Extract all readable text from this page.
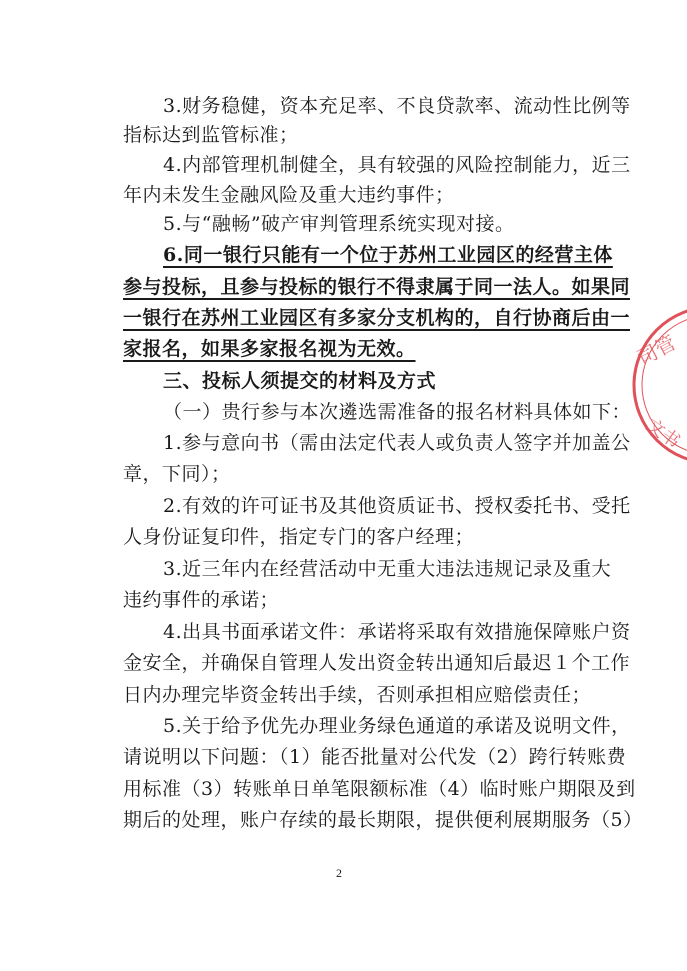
3.财务稳健，资本充足率、不良贷款率、流动性比例等
指标达到监管标准；
4.内部管理机制健全，具有较强的风险控制能力，近三
年内未发生金融风险及重大违约事件；
5.与“融畅”破产审判管理系统实现对接。
6.同一银行只能有一个位于苏州工业园区的经营主体
参与投标，且参与投标的银行不得隶属于同一法人。如果同
一银行在苏州工业园区有多家分支机构的，自行协商后由一
家报名，如果多家报名视为无效。
三、投标人须提交的材料及方式
（一）贵行参与本次遴选需准备的报名材料具体如下：
1.参与意向书（需由法定代表人或负责人签字并加盖公
章，下同）；
2.有效的许可证书及其他资质证书、授权委托书、受托
人身份证复印件，指定专门的客户经理；
3.近三年内在经营活动中无重大违法违规记录及重大
违约事件的承诺；
4.出具书面承诺文件：承诺将采取有效措施保障账户资
金安全，并确保自管理人发出资金转出通知后最迟１个工作
日内办理完毕资金转出手续，否则承担相应赔偿责任；
5.关于给予优先办理业务绿色通道的承诺及说明文件，
请说明以下问题：（1）能否批量对公代发（2）跨行转账费
用标准（3）转账单日单笔限额标准（4）临时账户期限及到
期后的处理，账户存续的最长期限，提供便利展期服务（5）
2
司管
文书
